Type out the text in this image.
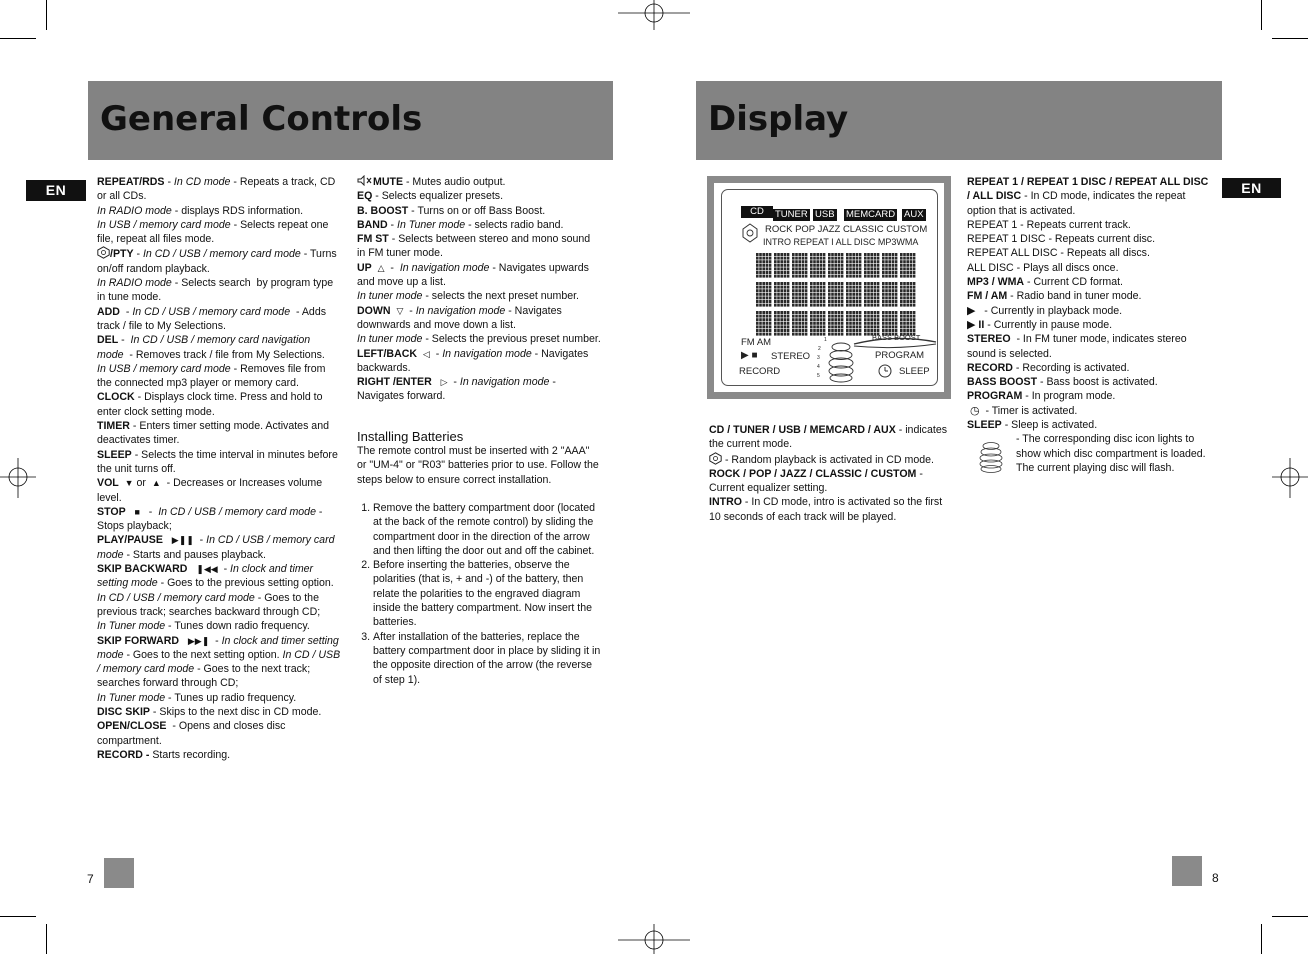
General Controls
EN	REPEAT/RDS - In CD mode - Repeats a track, CD or all CDs.

In RADIO mode - displays RDS information.

In USB / memory card mode - Selects repeat one file, repeat all files mode.

/PTY - In CD / USB / memory card mode - Turns on/off random playback.

In RADIO mode - Selects search  by program type in tune mode.

ADD  - In CD / USB / memory card mode  - Adds track / file to My Selections.

DEL -  In CD / USB / memory card navigation mode  - Removes track / file from My Selections.

In USB / memory card mode - Removes file from the connected mp3 player or memory card.

CLOCK - Displays clock time. Press and hold to enter clock setting mode.

TIMER - Enters timer setting mode. Activates and deactivates timer.

SLEEP - Selects the time interval in minutes before the unit turns off.

VOL ▼ or  ▲  - Decreases or Increases volume level.

STOP ■   -  In CD / USB / memory card mode - Stops playback;

PLAY/PAUSE ▶❚❚  - In CD / USB / memory card mode - Starts and pauses playback.

SKIP BACKWARD ❚◀◀  - In clock and timer setting mode - Goes to the previous setting option. In CD / USB / memory card mode - Goes to the previous track; searches backward through CD;

In Tuner mode - Tunes down radio frequency.

SKIP FORWARD ▶▶❚  - In clock and timer setting mode - Goes to the next setting option. In CD / USB / memory card mode - Goes to the next track; searches forward through CD;

In Tuner mode - Tunes up radio frequency.

DISC SKIP - Skips to the next disc in CD mode.

OPEN/CLOSE  - Opens and closes disc compartment.

RECORD - Starts recording.

MUTE - Mutes audio output.

EQ - Selects equalizer presets.

B. BOOST - Turns on or off Bass Boost.

BAND - In Tuner mode - selects radio band.

FM ST - Selects between stereo and mono sound in FM tuner mode.

UP △  -  In navigation mode - Navigates upwards and move up a list.

In tuner mode - selects the next preset number.

DOWN ▽  - In navigation mode - Navigates downwards and move down a list.

In tuner mode - Selects the previous preset number.

LEFT/BACK ◁  - In navigation mode - Navigates backwards.

RIGHT /ENTER ▷  - In navigation mode - Navigates forward.

Installing Batteries

The remote control must be inserted with 2 "AAA" or "UM-4" or "R03" batteries prior to use. Follow the steps below to ensure correct installation.

1. Remove the battery compartment door (located at the back of the remote control) by sliding the compartment door in the direction of the arrow and then lifting the door out and off the cabinet.
2. Before inserting the batteries, observe the polarities (that is, + and -) of the battery, then relate the polarities to the engraved diagram inside the battery compartment. Now insert the batteries.
3. After installation of the batteries, replace the battery compartment door in place by sliding it in the opposite direction of the arrow (the reverse of step 1).
7
Display
EN
CD	TUNER USB MEMCARD AUX
ROCK POP JAZZ CLASSIC CUSTOM
INTRO REPEAT I ALL DISC MP3WMA
FM AM
▶ ■ STEREO
RECORD
1
2
3
4
5
BASS BOOST
PROGRAM
SLEEP

CD / TUNER / USB / MEMCARD / AUX - indicates the current mode.

- Random playback is activated in CD mode.

ROCK / POP / JAZZ / CLASSIC / CUSTOM - Current equalizer setting.

INTRO - In CD mode, intro is activated so the first 10 seconds of each track will be played.

REPEAT 1 / REPEAT 1 DISC / REPEAT ALL DISC / ALL DISC - In CD mode, indicates the repeat option that is activated.

REPEAT 1 - Repeats current track.

REPEAT 1 DISC - Repeats current disc.

REPEAT ALL DISC - Repeats all discs.

ALL DISC - Plays all discs once.

MP3 / WMA - Current CD format.

FM / AM - Radio band in tuner mode.

▶   - Currently in playback mode.

▶ II - Currently in pause mode.

STEREO  - In FM tuner mode, indicates stereo sound is selected.

RECORD - Recording is activated.

BASS BOOST - Bass boost is activated.

PROGRAM - In program mode.

◷  - Timer is activated.

SLEEP - Sleep is activated.

- The corresponding disc icon lights to show which disc compartment is loaded. The current playing disc will flash.
8
